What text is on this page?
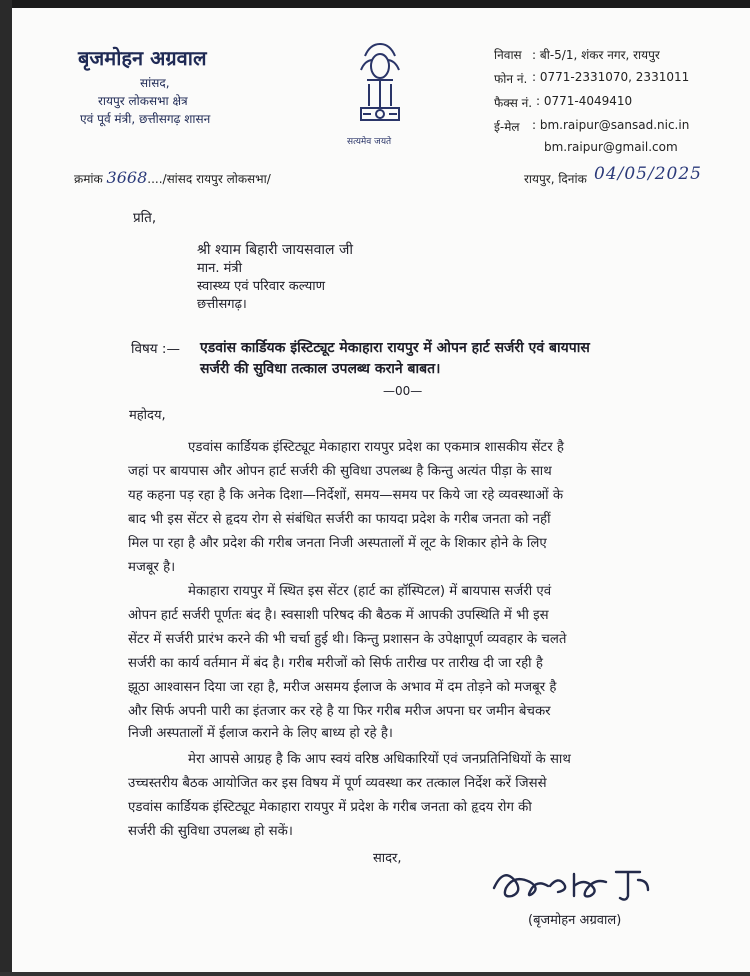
बृजमोहन अग्रवाल
सांसद,
रायपुर लोकसभा क्षेत्र
एवं पूर्व मंत्री, छत्तीसगढ़ शासन
सत्यमेव जयते
निवास : बी-5/1, शंकर नगर, रायपुर
फोन नं. : 0771-2331070, 2331011
फैक्स नं. : 0771-4049410
ई-मेल : bm.raipur@sansad.nic.in
bm.raipur@gmail.com
क्रमांक 3668..../सांसद रायपुर लोकसभा/	रायपुर, दिनांक 04/05/2025
प्रति,
श्री श्याम बिहारी जायसवाल जी
मान. मंत्री
स्वास्थ्य एवं परिवार कल्याण
छत्तीसगढ़।
विषय :— एडवांस कार्डियक इंस्टिट्यूट मेकाहारा रायपुर में ओपन हार्ट सर्जरी एवं बायपास
सर्जरी की सुविधा तत्काल उपलब्ध कराने बाबत।
—00—
महोदय,
एडवांस कार्डियक इंस्टिट्यूट मेकाहारा रायपुर प्रदेश का एकमात्र शासकीय सेंटर है
जहां पर बायपास और ओपन हार्ट सर्जरी की सुविधा उपलब्ध है किन्तु अत्यंत पीड़ा के साथ
यह कहना पड़ रहा है कि अनेक दिशा—निर्देशों, समय—समय पर किये जा रहे व्यवस्थाओं के
बाद भी इस सेंटर से हृदय रोग से संबंधित सर्जरी का फायदा प्रदेश के गरीब जनता को नहीं
मिल पा रहा है और प्रदेश की गरीब जनता निजी अस्पतालों में लूट के शिकार होने के लिए
मजबूर है।
मेकाहारा रायपुर में स्थित इस सेंटर (हार्ट का हॉस्पिटल) में बायपास सर्जरी एवं
ओपन हार्ट सर्जरी पूर्णतः बंद है। स्वसाशी परिषद की बैठक में आपकी उपस्थिति में भी इस
सेंटर में सर्जरी प्रारंभ करने की भी चर्चा हुई थी। किन्तु प्रशासन के उपेक्षापूर्ण व्यवहार के चलते
सर्जरी का कार्य वर्तमान में बंद है। गरीब मरीजों को सिर्फ तारीख पर तारीख दी जा रही है
झूठा आश्वासन दिया जा रहा है, मरीज असमय ईलाज के अभाव में दम तोड़ने को मजबूर है
और सिर्फ अपनी पारी का इंतजार कर रहे है या फिर गरीब मरीज अपना घर जमीन बेचकर
निजी अस्पतालों में ईलाज कराने के लिए बाध्य हो रहे है।
मेरा आपसे आग्रह है कि आप स्वयं वरिष्ठ अधिकारियों एवं जनप्रतिनिधियों के साथ
उच्चस्तरीय बैठक आयोजित कर इस विषय में पूर्ण व्यवस्था कर तत्काल निर्देश करें जिससे
एडवांस कार्डियक इंस्टिट्यूट मेकाहारा रायपुर में प्रदेश के गरीब जनता को हृदय रोग की
सर्जरी की सुविधा उपलब्ध हो सकें।
सादर,
(बृजमोहन अग्रवाल)
